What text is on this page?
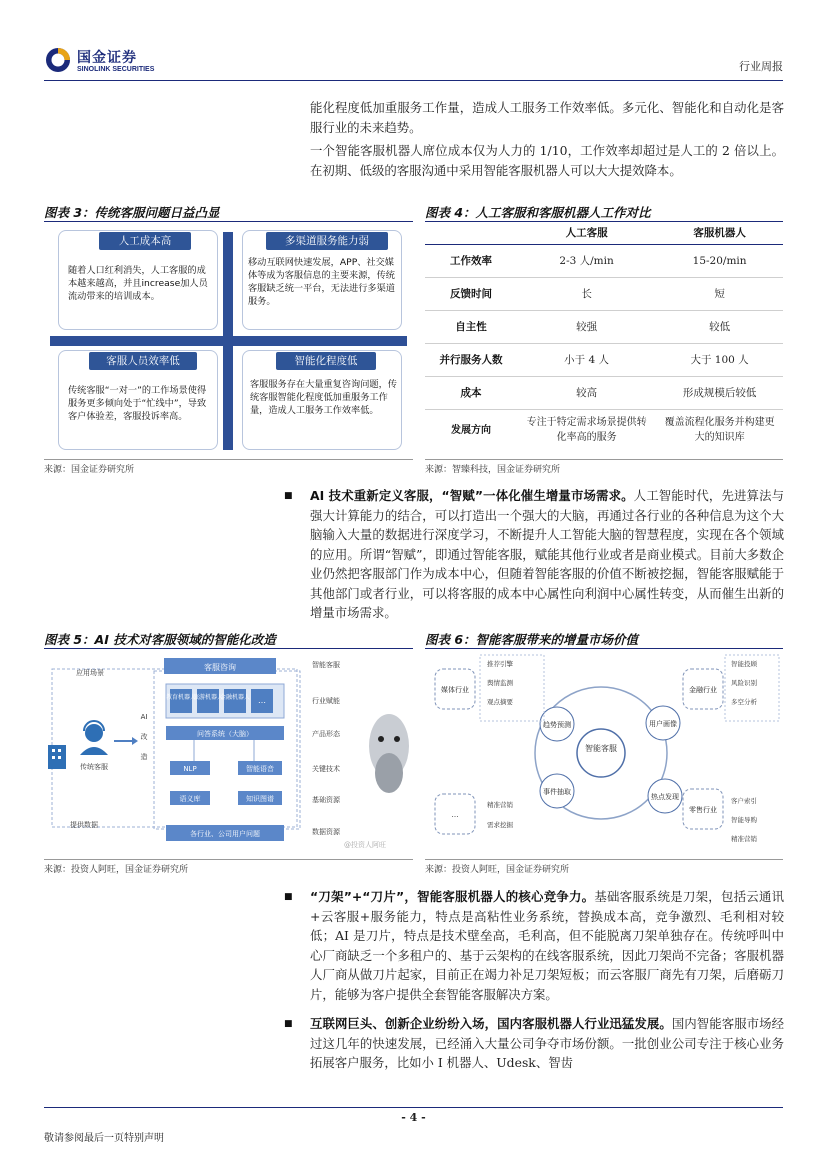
国金证券
SINOLINK SECURITIES	行业周报
能化程度低加重服务工作量，造成人工服务工作效率低。多元化、智能化和自动化是客服行业的未来趋势。
一个智能客服机器人席位成本仅为人力的 1/10，工作效率却超过是人工的 2 倍以上。在初期、低级的客服沟通中采用智能客服机器人可以大大提效降本。
图表 3：传统客服问题日益凸显
人工成本高
随着人口红利消失，人工客服的成本越来越高，并且increase加人员流动带来的培训成本。
多渠道服务能力弱
移动互联网快速发展，APP、社交媒体等成为客服信息的主要来源，传统客服缺乏统一平台，无法进行多渠道服务。
客服人员效率低
传统客服“一对一”的工作场景使得服务更多倾向处于“忙线中”，导致客户体验差，客服投诉率高。
智能化程度低
客服服务存在大量重复咨询问题，传统客服智能化程度低加重服务工作量，造成人工服务工作效率低。
来源：国金证券研究所
图表 4：人工客服和客服机器人工作对比
	人工客服	客服机器人
工作效率	2-3 人/min	15-20/min
反馈时间	长	短
自主性	较强	较低
并行服务人数	小于 4 人	大于 100 人
成本	较高	形成规模后较低
发展方向	专注于特定需求场景提供转化率高的服务	覆盖流程化服务并构建更大的知识库
来源：智臻科技，国金证券研究所
■ AI 技术重新定义客服，“智赋”一体化催生增量市场需求。人工智能时代，先进算法与强大计算能力的结合，可以打造出一个强大的大脑，再通过各行业的各种信息为这个大脑输入大量的数据进行深度学习，不断提升人工智能大脑的智慧程度，实现在各个领域的应用。所谓“智赋”，即通过智能客服，赋能其他行业或者是商业模式。目前大多数企业仍然把客服部门作为成本中心，但随着智能客服的价值不断被挖掘，智能客服赋能于其他部门或者行业，可以将客服的成本中心属性向利润中心属性转变，从而催生出新的增量市场需求。
图表 5：AI 技术对客服领域的智能化改造
客服咨询
教育机器人
旅游机器人
金融机器人 …
问答系统（大脑）
NLP	智能语音
语义库	知识图谱
各行业、公司用户问题
应用场景
传统客服
提供数据
AI
改
造
智能客服
行业赋能
产品形态
关键技术
基础资源
数据资源
@投资人阿旺
来源：投资人阿旺，国金证券研究所
图表 6：智能客服带来的增量市场价值
智能客服
趋势预测	用户画像
事件抽取
热点发现
媒体行业
推荐引擎
舆情监测
观点摘要
金融行业
智能投顾
风险识别
多空分析
…
精准营销
需求挖掘
零售行业
客户索引
智能导购
精准营销
来源：投资人阿旺，国金证券研究所
■ “刀架”+“刀片”，智能客服机器人的核心竞争力。基础客服系统是刀架，包括云通讯+云客服+服务能力，特点是高粘性业务系统，替换成本高，竞争激烈、毛利相对较低；AI 是刀片，特点是技术壁垒高，毛利高，但不能脱离刀架单独存在。传统呼叫中心厂商缺乏一个多租户的、基于云架构的在线客服系统，因此刀架尚不完备；客服机器人厂商从做刀片起家，目前正在竭力补足刀架短板；而云客服厂商先有刀架，后磨砺刀片，能够为客户提供全套智能客服解决方案。
■ 互联网巨头、创新企业纷纷入场，国内客服机器人行业迅猛发展。国内智能客服市场经过这几年的快速发展，已经涌入大量公司争夺市场份额。一批创业公司专注于核心业务拓展客户服务，比如小 I 机器人、Udesk、智齿
- 4 -
敬请参阅最后一页特别声明
